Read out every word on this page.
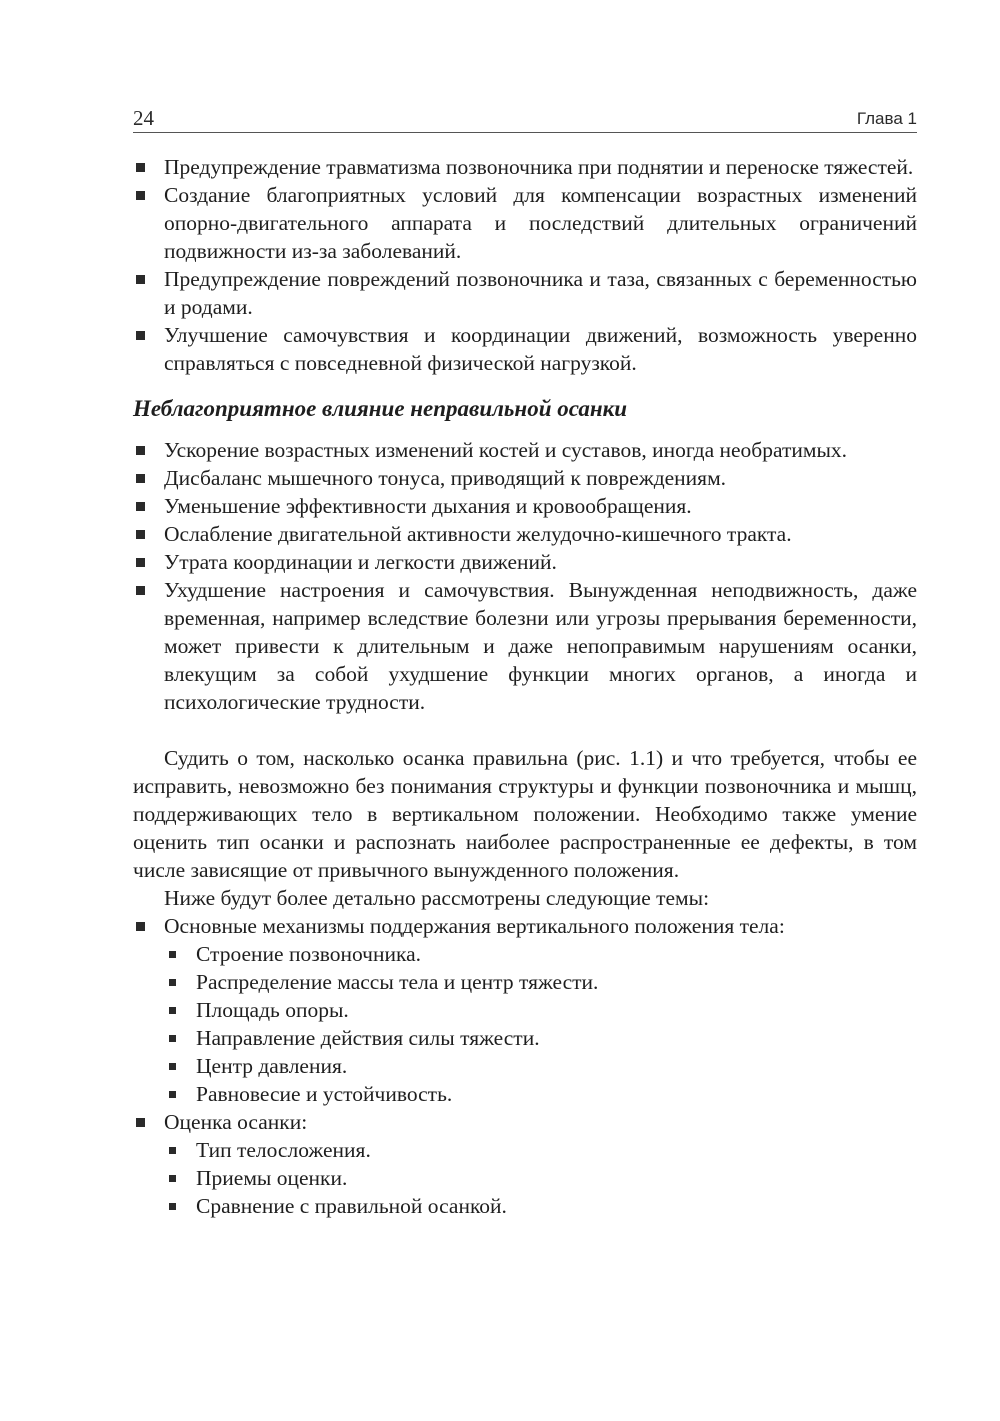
24	Глава 1
Предупреждение травматизма позвоночника при поднятии и переноске тяжестей.
Создание благоприятных условий для компенсации возрастных изменений опорно-двигательного аппарата и последствий длительных ограничений подвижности из-за заболеваний.
Предупреждение повреждений позвоночника и таза, связанных с беременностью и родами.
Улучшение самочувствия и координации движений, возможность уверенно справляться с повседневной физической нагрузкой.
Неблагоприятное влияние неправильной осанки
Ускорение возрастных изменений костей и суставов, иногда необратимых.
Дисбаланс мышечного тонуса, приводящий к повреждениям.
Уменьшение эффективности дыхания и кровообращения.
Ослабление двигательной активности желудочно-кишечного тракта.
Утрата координации и легкости движений.
Ухудшение настроения и самочувствия. Вынужденная неподвижность, даже временная, например вследствие болезни или угрозы прерывания беременности, может привести к длительным и даже непоправимым нарушениям осанки, влекущим за собой ухудшение функции многих органов, а иногда и психологические трудности.

Судить о том, насколько осанка правильна (рис. 1.1) и что требуется, чтобы ее исправить, невозможно без понимания структуры и функции позвоночника и мышц, поддерживающих тело в вертикальном положении. Необходимо также умение оценить тип осанки и распознать наиболее распространенные ее дефекты, в том числе зависящие от привычного вынужденного положения.

Ниже будут более детально рассмотрены следующие темы:

Основные механизмы поддержания вертикального положения тела:
Строение позвоночника.
Распределение массы тела и центр тяжести.
Площадь опоры.
Направление действия силы тяжести.
Центр давления.
Равновесие и устойчивость.
Оценка осанки:
Тип телосложения.
Приемы оценки.
Сравнение с правильной осанкой.
